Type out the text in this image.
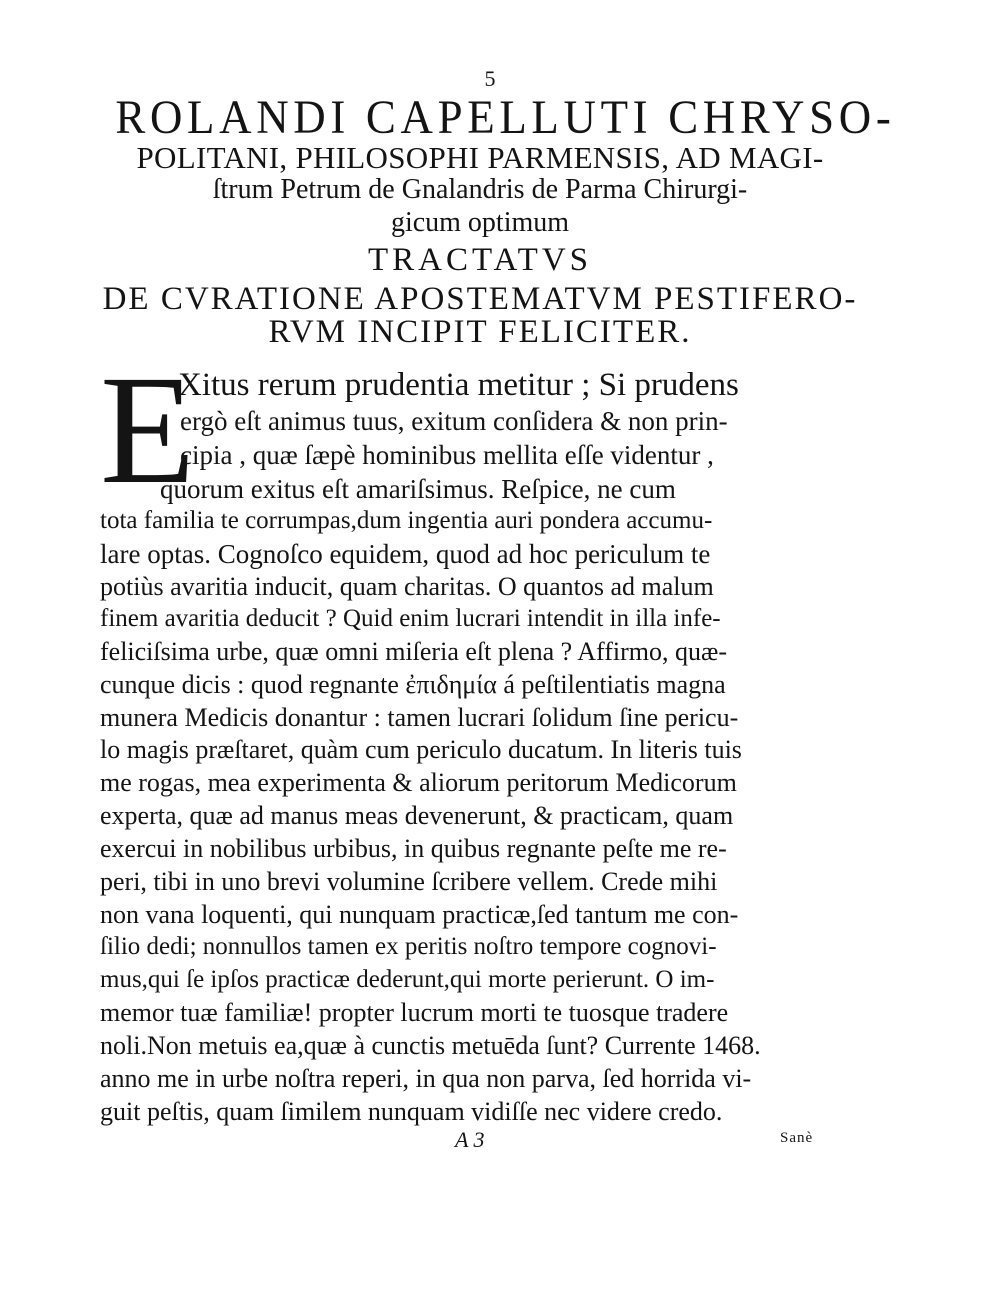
5
ROLANDI CAPELLUTI CHRYSO-
POLITANI, PHILOSOPHI PARMENSIS, AD MAGI-
ſtrum Petrum de Gnalandris de Parma Chirurgi-
gicum optimum
TRACTATVS
DE CVRATIONE APOSTEMATVM PESTIFERO-
RVM INCIPIT FELICITER.
E
Xitus rerum prudentia metitur ; Si prudens
ergò eſt animus tuus, exitum conſidera & non prin-
cipia , quæ ſæpè hominibus mellita eſſe videntur ,
quorum exitus eſt amariſsimus. Reſpice, ne cum
tota familia te corrumpas,dum ingentia auri pondera accumu-
lare optas. Cognoſco equidem, quod ad hoc periculum te
potiùs avaritia inducit, quam charitas. O quantos ad malum
finem avaritia deducit ? Quid enim lucrari intendit in illa infe-
feliciſsima urbe, quæ omni miſeria eſt plena ? Affirmo, quæ-
cunque dicis : quod regnante ἐπιδημία á peſtilentiatis magna
munera Medicis donantur : tamen lucrari ſolidum ſine pericu-
lo magis præſtaret, quàm cum periculo ducatum. In literis tuis
me rogas, mea experimenta & aliorum peritorum Medicorum
experta, quæ ad manus meas devenerunt, & practicam, quam
exercui in nobilibus urbibus, in quibus regnante peſte me re-
peri, tibi in uno brevi volumine ſcribere vellem. Crede mihi
non vana loquenti, qui nunquam practicæ,ſed tantum me con-
ſilio dedi; nonnullos tamen ex peritis noſtro tempore cognovi-
mus,qui ſe ipſos practicæ dederunt,qui morte perierunt. O im-
memor tuæ familiæ! propter lucrum morti te tuosque tradere
noli.Non metuis ea,quæ à cunctis metuēda ſunt? Currente 1468.
anno me in urbe noſtra reperi, in qua non parva, ſed horrida vi-
guit peſtis, quam ſimilem nunquam vidiſſe nec videre credo.
A 3	Sanè
